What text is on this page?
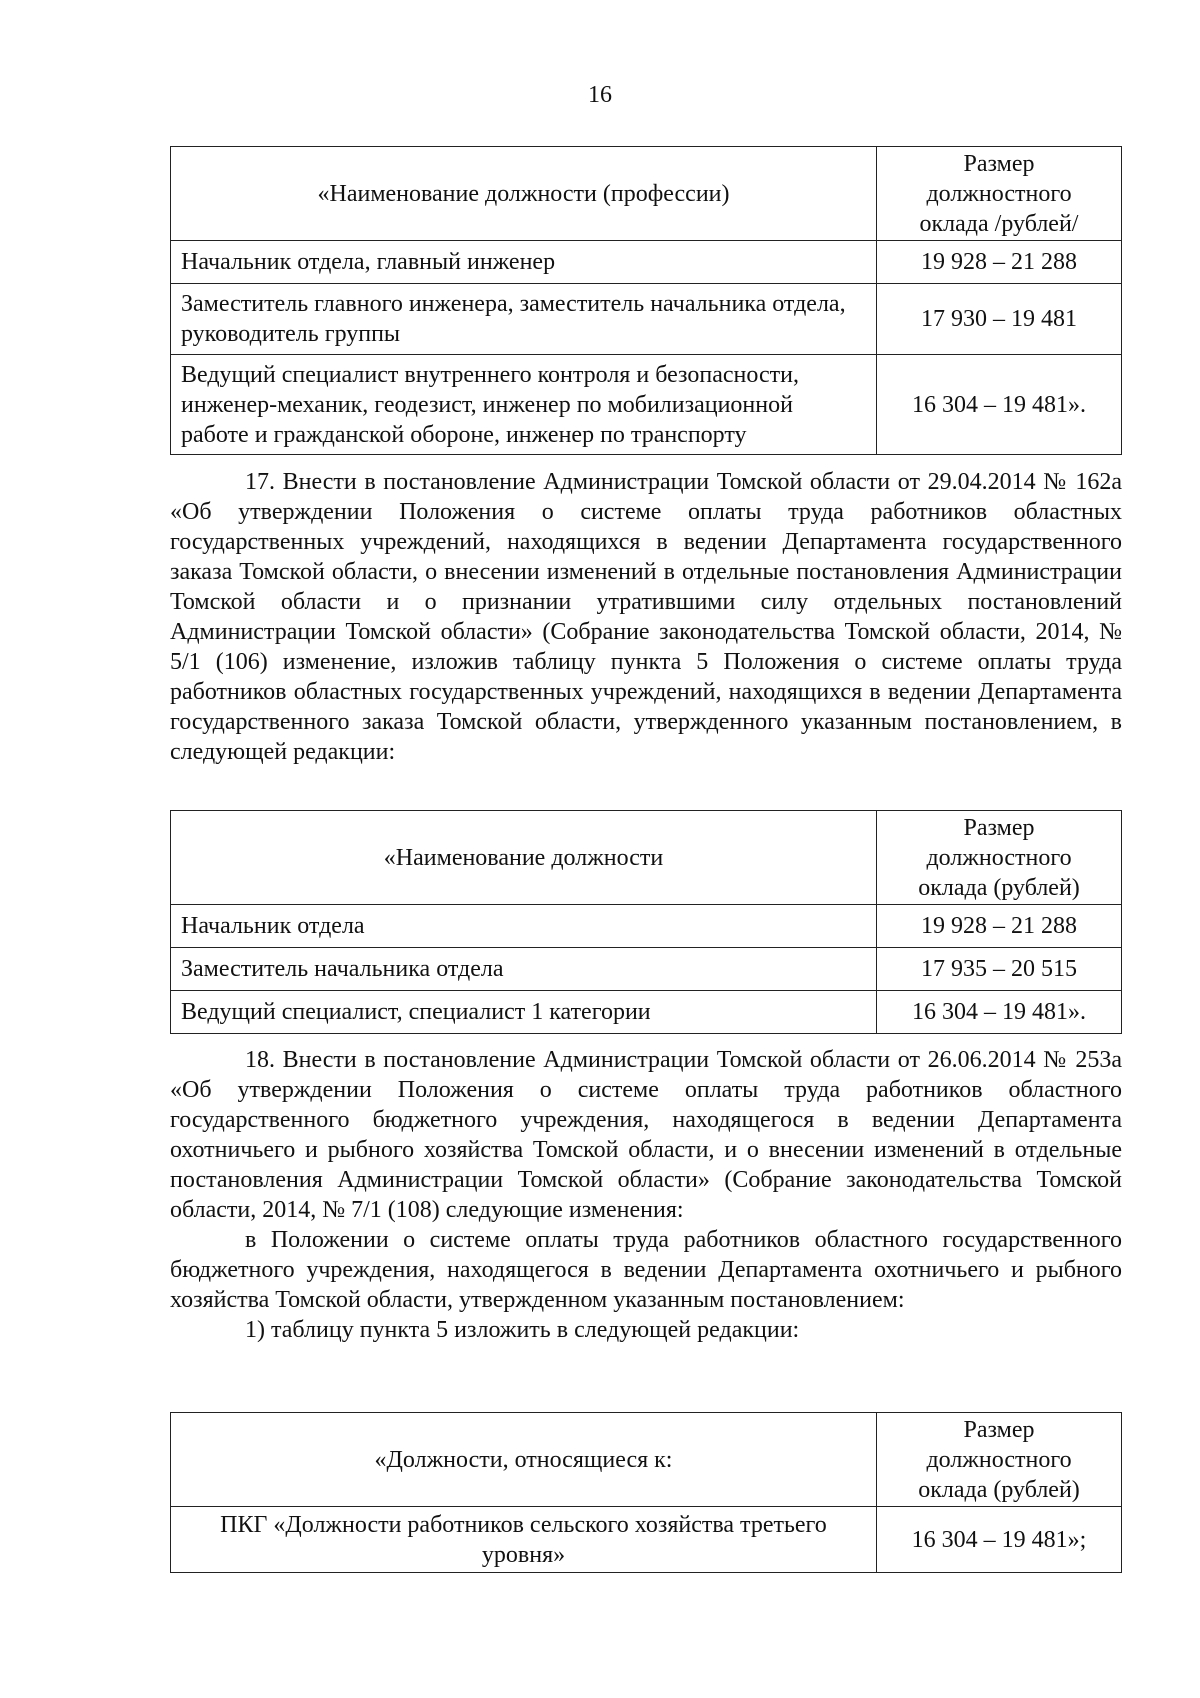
16
«Наименование должности (профессии)	Размер
должностного
оклада /рублей/
Начальник отдела, главный инженер	19 928 – 21 288
Заместитель главного инженера, заместитель начальника отдела, руководитель группы	17 930 – 19 481
Ведущий специалист внутреннего контроля и безопасности, инженер-механик, геодезист, инженер по мобилизационной работе и гражданской обороне, инженер по транспорту	16 304 – 19 481».

17. Внести в постановление Администрации Томской области от 29.04.2014 № 162а «Об утверждении Положения о системе оплаты труда работников областных государственных учреждений, находящихся в ведении Департамента государственного заказа Томской области, о внесении изменений в отдельные постановления Администрации Томской области и о признании утратившими силу отдельных постановлений Администрации Томской области» (Собрание законодательства Томской области, 2014, № 5/1 (106) изменение, изложив таблицу пункта 5 Положения о системе оплаты труда работников областных государственных учреждений, находящихся в ведении Департамента государственного заказа Томской области, утвержденного указанным постановлением, в следующей редакции:

«Наименование должности	Размер
должностного
оклада (рублей)
Начальник отдела	19 928 – 21 288
Заместитель начальника отдела	17 935 – 20 515
Ведущий специалист, специалист 1 категории	16 304 – 19 481».

18. Внести в постановление Администрации Томской области от 26.06.2014 № 253а «Об утверждении Положения о системе оплаты труда работников областного государственного бюджетного учреждения, находящегося в ведении Департамента охотничьего и рыбного хозяйства Томской области, и о внесении изменений в отдельные постановления Администрации Томской области» (Собрание законодательства Томской области, 2014, № 7/1 (108) следующие изменения:

в Положении о системе оплаты труда работников областного государственного бюджетного учреждения, находящегося в ведении Департамента охотничьего и рыбного хозяйства Томской области, утвержденном указанным постановлением:

1) таблицу пункта 5 изложить в следующей редакции:

«Должности, относящиеся к:	Размер
должностного
оклада (рублей)
ПКГ «Должности работников сельского хозяйства третьего уровня»	16 304 – 19 481»;
